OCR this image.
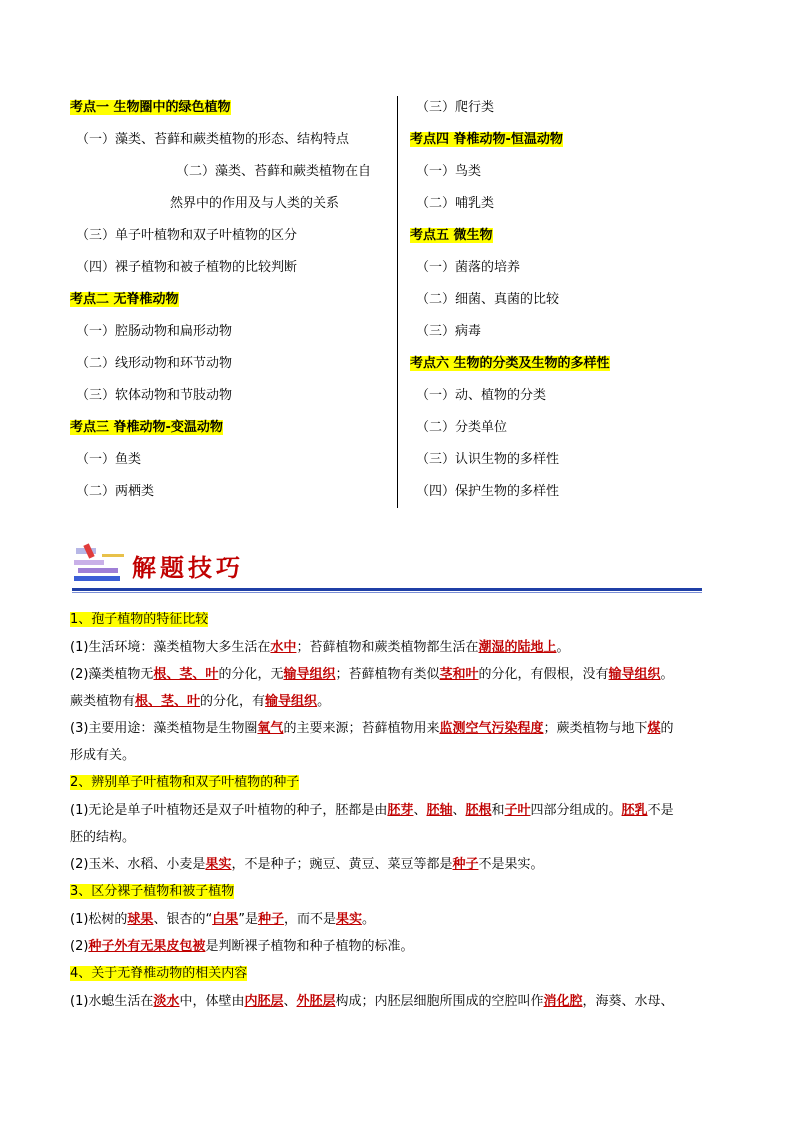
考点一 生物圈中的绿色植物
（一）藻类、苔藓和蕨类植物的形态、结构特点
（二）藻类、苔藓和蕨类植物在自
然界中的作用及与人类的关系
（三）单子叶植物和双子叶植物的区分
（四）裸子植物和被子植物的比较判断
考点二 无脊椎动物
（一）腔肠动物和扁形动物
（二）线形动物和环节动物
（三）软体动物和节肢动物
考点三 脊椎动物-变温动物
（一）鱼类
（二）两栖类
（三）爬行类
考点四 脊椎动物-恒温动物
（一）鸟类
（二）哺乳类
考点五 微生物
（一）菌落的培养
（二）细菌、真菌的比较
（三）病毒
考点六 生物的分类及生物的多样性
（一）动、植物的分类
（二）分类单位
（三）认识生物的多样性
（四）保护生物的多样性
解题技巧
1、孢子植物的特征比较
(1)生活环境：藻类植物大多生活在水中；苔藓植物和蕨类植物都生活在潮湿的陆地上。
(2)藻类植物无根、茎、叶的分化，无输导组织；苔藓植物有类似茎和叶的分化，有假根，没有输导组织。
蕨类植物有根、茎、叶的分化，有输导组织。
(3)主要用途：藻类植物是生物圈氧气的主要来源；苔藓植物用来监测空气污染程度；蕨类植物与地下煤的
形成有关。
2、辨别单子叶植物和双子叶植物的种子
(1)无论是单子叶植物还是双子叶植物的种子，胚都是由胚芽、胚轴、胚根和子叶四部分组成的。胚乳不是
胚的结构。
(2)玉米、水稻、小麦是果实，不是种子；豌豆、黄豆、菜豆等都是种子不是果实。
3、区分裸子植物和被子植物
(1)松树的球果、银杏的“白果”是种子，而不是果实。
(2)种子外有无果皮包被是判断裸子植物和种子植物的标准。
4、关于无脊椎动物的相关内容
(1)水螅生活在淡水中，体壁由内胚层、外胚层构成；内胚层细胞所围成的空腔叫作消化腔，海葵、水母、
